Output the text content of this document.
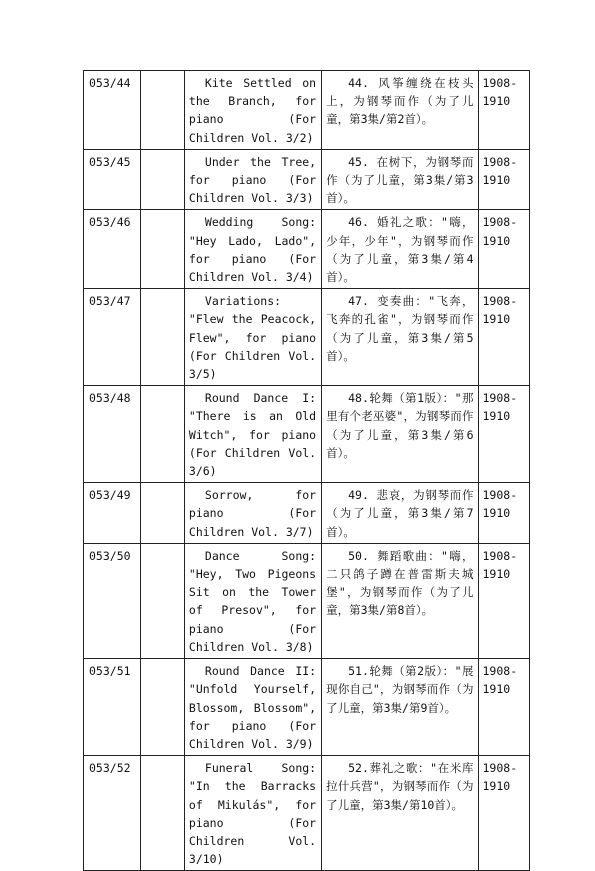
053/44		Kite Settled on the Branch, for piano (For Children Vol. 3/2)	44. 风筝缠绕在枝头上，为钢琴而作（为了儿童，第3集/第2首）。	1908-1910
053/45		Under the Tree, for piano (For Children Vol. 3/3)	45. 在树下，为钢琴而作（为了儿童，第3集/第3首）。	1908-1910
053/46		Wedding Song: "Hey Lado, Lado", for piano (For Children Vol. 3/4)	46. 婚礼之歌："嗨，少年，少年"，为钢琴而作（为了儿童，第3集/第4首）。	1908-1910
053/47		Variations: "Flew the Peacock, Flew", for piano (For Children Vol. 3/5)	47. 变奏曲："飞奔，飞奔的孔雀"，为钢琴而作（为了儿童，第3集/第5首）。	1908-1910
053/48		Round Dance I: "There is an Old Witch", for piano (For Children Vol. 3/6)	48.轮舞（第1版）："那里有个老巫婆"，为钢琴而作（为了儿童，第3集/第6首）。	1908-1910
053/49		Sorrow, for piano (For Children Vol. 3/7)	49. 悲哀，为钢琴而作（为了儿童，第3集/第7首）。	1908-1910
053/50		Dance Song: "Hey, Two Pigeons Sit on the Tower of Presov", for piano (For Children Vol. 3/8)	50. 舞蹈歌曲："嗨，二只鸽子蹲在普雷斯夫城堡"，为钢琴而作（为了儿童，第3集/第8首）。	1908-1910
053/51		Round Dance II: "Unfold Yourself, Blossom, Blossom", for piano (For Children Vol. 3/9)	51.轮舞（第2版）："展现你自己"，为钢琴而作（为了儿童，第3集/第9首）。	1908-1910
053/52		Funeral Song: "In the Barracks of Mikulás", for piano (For Children Vol. 3/10)	52.葬礼之歌："在米库拉什兵营"，为钢琴而作（为了儿童，第3集/第10首）。	1908-1910
